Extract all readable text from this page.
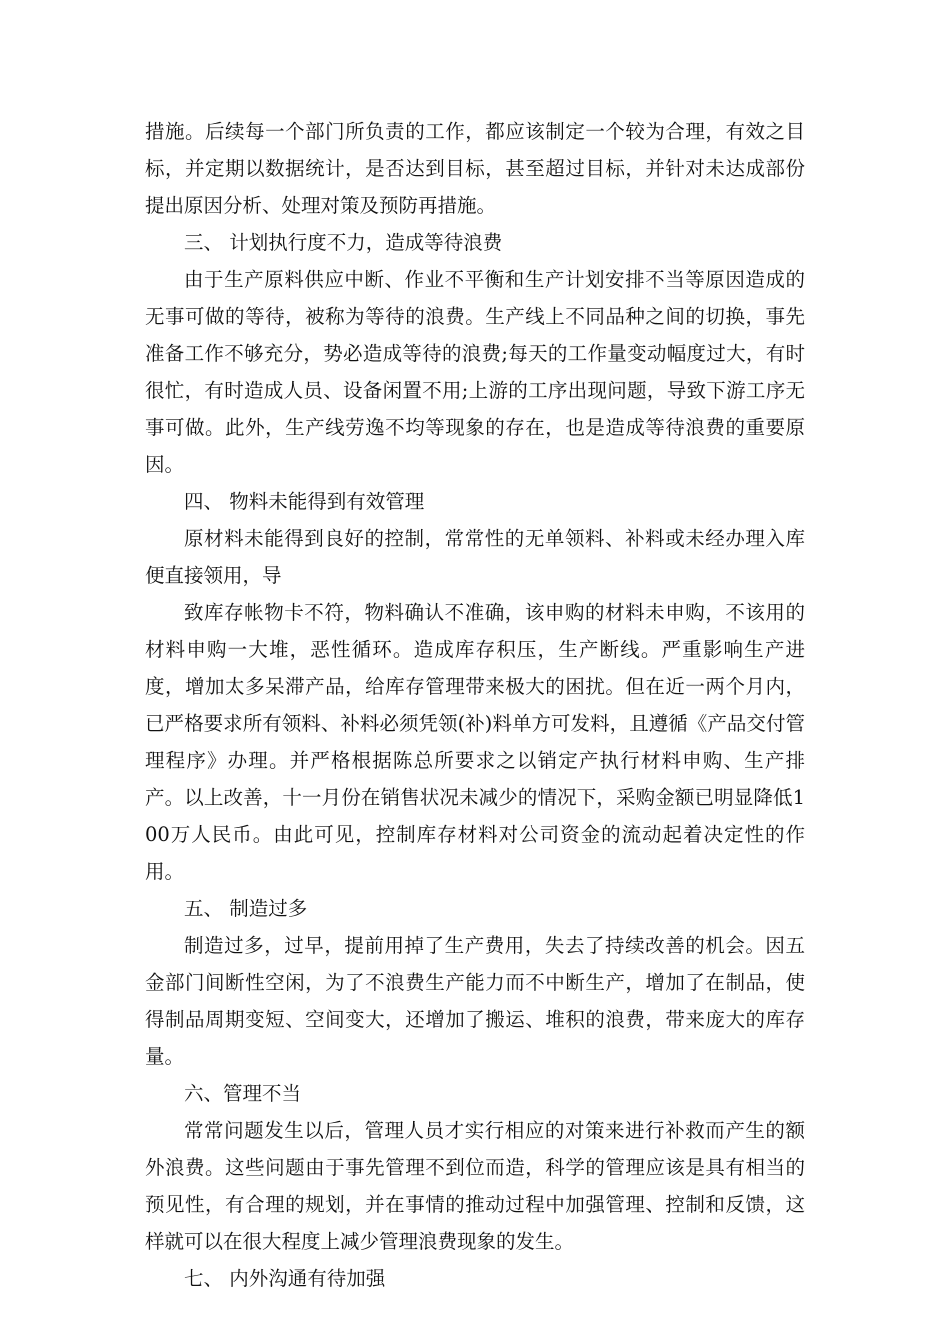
措施。后续每一个部门所负责的工作，都应该制定一个较为合理，有效之目标，并定期以数据统计，是否达到目标，甚至超过目标，并针对未达成部份提出原因分析、处理对策及预防再措施。

三、 计划执行度不力，造成等待浪费

由于生产原料供应中断、作业不平衡和生产计划安排不当等原因造成的无事可做的等待，被称为等待的浪费。生产线上不同品种之间的切换，事先准备工作不够充分，势必造成等待的浪费;每天的工作量变动幅度过大，有时很忙，有时造成人员、设备闲置不用;上游的工序出现问题，导致下游工序无事可做。此外，生产线劳逸不均等现象的存在，也是造成等待浪费的重要原因。

四、 物料未能得到有效管理

原材料未能得到良好的控制，常常性的无单领料、补料或未经办理入库便直接领用，导

致库存帐物卡不符，物料确认不准确，该申购的材料未申购，不该用的材料申购一大堆，恶性循环。造成库存积压，生产断线。严重影响生产进度，增加太多呆滞产品，给库存管理带来极大的困扰。但在近一两个月内，已严格要求所有领料、补料必须凭领(补)料单方可发料，且遵循《产品交付管理程序》办理。并严格根据陈总所要求之以销定产执行材料申购、生产排产。以上改善，十一月份在销售状况未减少的情况下，采购金额已明显降低100万人民币。由此可见，控制库存材料对公司资金的流动起着决定性的作用。

五、 制造过多

制造过多，过早，提前用掉了生产费用，失去了持续改善的机会。因五金部门间断性空闲，为了不浪费生产能力而不中断生产，增加了在制品，使得制品周期变短、空间变大，还增加了搬运、堆积的浪费，带来庞大的库存量。

六、管理不当

常常问题发生以后，管理人员才实行相应的对策来进行补救而产生的额外浪费。这些问题由于事先管理不到位而造，科学的管理应该是具有相当的预见性，有合理的规划，并在事情的推动过程中加强管理、控制和反馈，这样就可以在很大程度上减少管理浪费现象的发生。

七、 内外沟通有待加强
